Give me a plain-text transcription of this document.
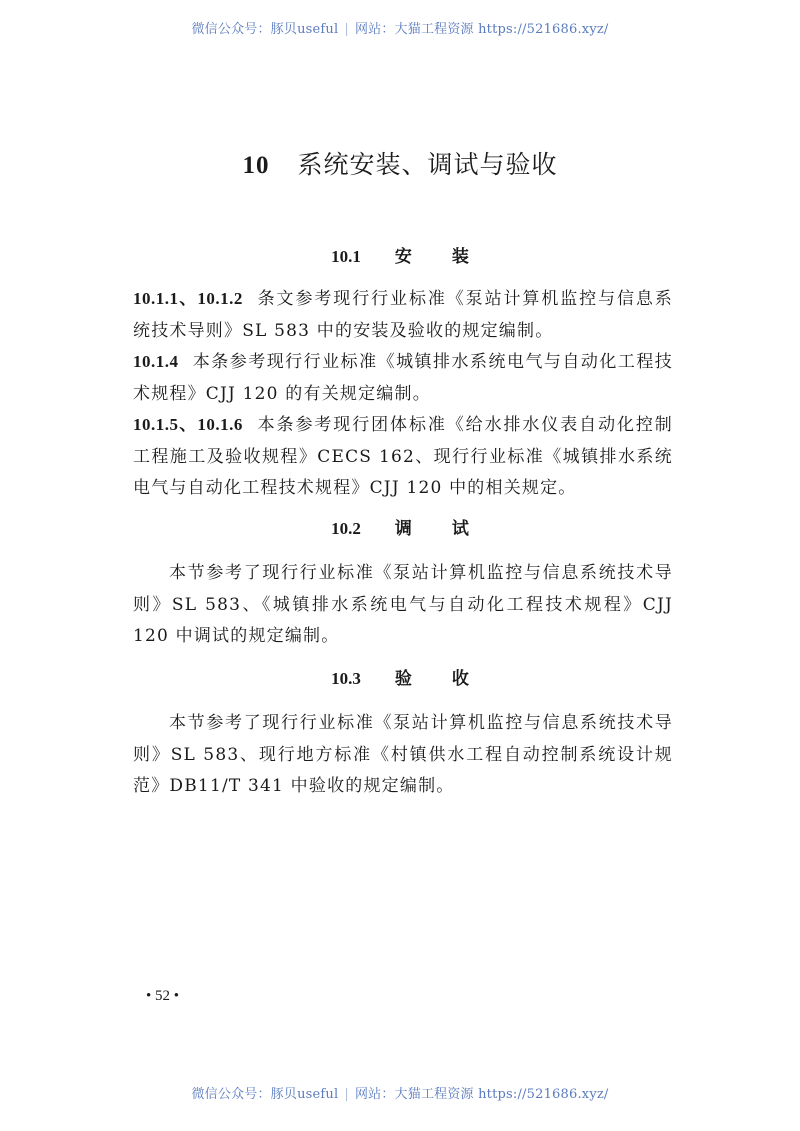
微信公众号：豚贝useful | 网站：大猫工程资源 https://521686.xyz/
10 系统安装、调试与验收
10.1 安装
10.1.1、10.1.2 条文参考现行行业标准《泵站计算机监控与信息系统技术导则》SL 583 中的安装及验收的规定编制。
10.1.4 本条参考现行行业标准《城镇排水系统电气与自动化工程技术规程》CJJ 120 的有关规定编制。
10.1.5、10.1.6 本条参考现行团体标准《给水排水仪表自动化控制工程施工及验收规程》CECS 162、现行行业标准《城镇排水系统电气与自动化工程技术规程》CJJ 120 中的相关规定。
10.2 调试
本节参考了现行行业标准《泵站计算机监控与信息系统技术导则》SL 583、《城镇排水系统电气与自动化工程技术规程》CJJ 120 中调试的规定编制。
10.3 验收
本节参考了现行行业标准《泵站计算机监控与信息系统技术导则》SL 583、现行地方标准《村镇供水工程自动控制系统设计规范》DB11/T 341 中验收的规定编制。
• 52 •
微信公众号：豚贝useful | 网站：大猫工程资源 https://521686.xyz/
